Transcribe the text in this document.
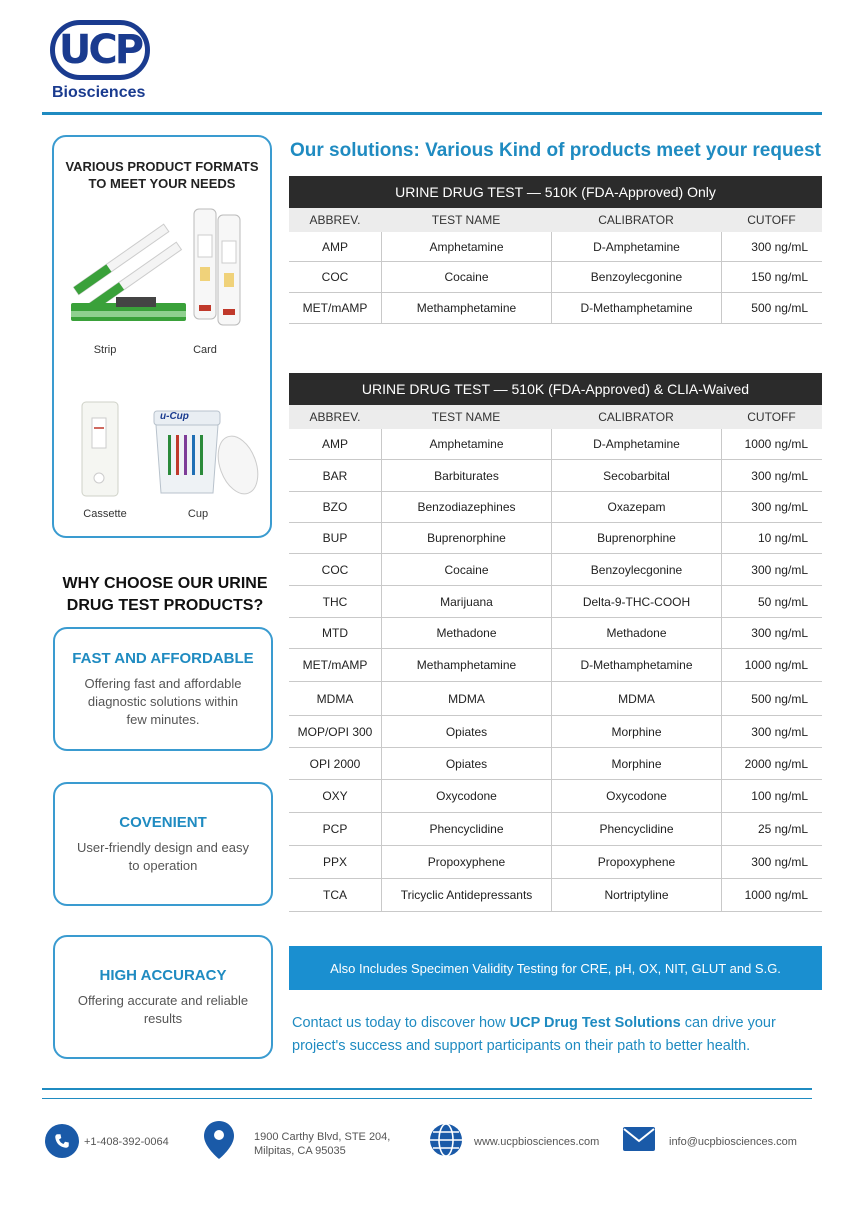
UCP
Biosciences
VARIOUS PRODUCT FORMATS
TO MEET YOUR NEEDS
Strip	Card
Cassette
u-Cup
Cup
WHY CHOOSE OUR URINE
DRUG TEST PRODUCTS?
FAST AND AFFORDABLE

Offering fast and affordable diagnostic solutions within few minutes.

COVENIENT

User-friendly design and easy to operation

HIGH ACCURACY

Offering accurate and reliable results

Our solutions: Various Kind of products meet your request
URINE DRUG TEST — 510K (FDA-Approved) Only
ABBREV.	TEST NAME	CALIBRATOR	CUTOFF
AMP	Amphetamine	D-Amphetamine	300 ng/mL
COC	Cocaine	Benzoylecgonine	150 ng/mL
MET/mAMP	Methamphetamine	D-Methamphetamine	500 ng/mL
URINE DRUG TEST — 510K (FDA-Approved) & CLIA-Waived
ABBREV.	TEST NAME	CALIBRATOR	CUTOFF
AMP	Amphetamine	D-Amphetamine	1000 ng/mL
BAR	Barbiturates	Secobarbital	300 ng/mL
BZO	Benzodiazephines	Oxazepam	300 ng/mL
BUP	Buprenorphine	Buprenorphine	10 ng/mL
COC	Cocaine	Benzoylecgonine	300 ng/mL
THC	Marijuana	Delta-9-THC-COOH	50 ng/mL
MTD	Methadone	Methadone	300 ng/mL
MET/mAMP	Methamphetamine	D-Methamphetamine	1000 ng/mL
MDMA	MDMA	MDMA	500 ng/mL
MOP/OPI 300	Opiates	Morphine	300 ng/mL
OPI 2000	Opiates	Morphine	2000 ng/mL
OXY	Oxycodone	Oxycodone	100 ng/mL
PCP	Phencyclidine	Phencyclidine	25 ng/mL
PPX	Propoxyphene	Propoxyphene	300 ng/mL
TCA	Tricyclic Antidepressants	Nortriptyline	1000 ng/mL
Also Includes Specimen Validity Testing for CRE, pH, OX, NIT, GLUT and S.G.
Contact us today to discover how UCP Drug Test Solutions can drive your project's success and support participants on their path to better health.
+1-408-392-0064	1900 Carthy Blvd, STE 204,
Milpitas, CA 95035
www.ucpbiosciences.com	info@ucpbiosciences.com
